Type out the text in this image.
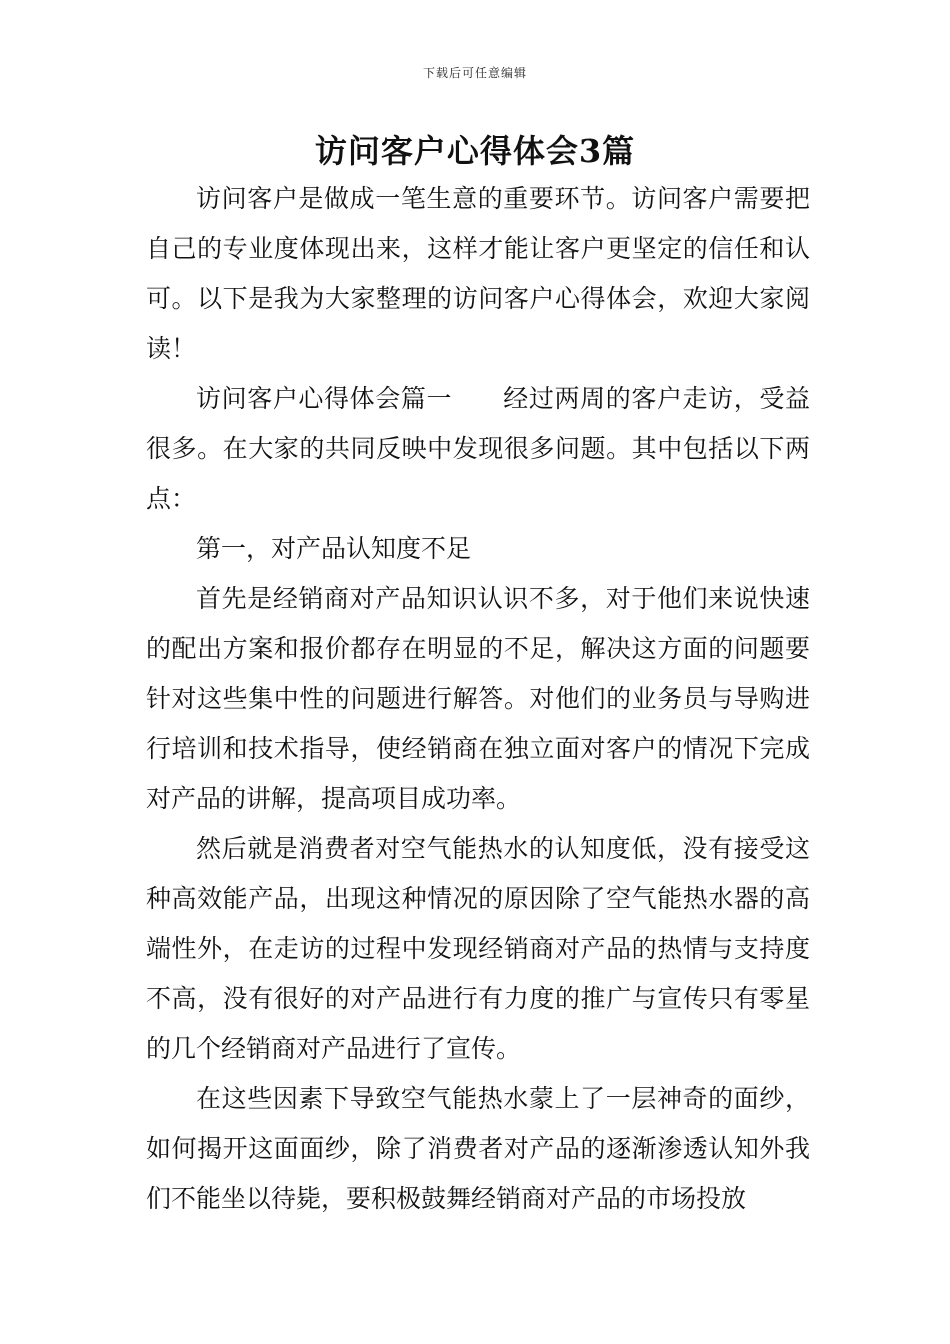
下载后可任意编辑
访问客户心得体会3篇

访问客户是做成一笔生意的重要环节。访问客户需要把自己的专业度体现出来，这样才能让客户更坚定的信任和认可。以下是我为大家整理的访问客户心得体会，欢迎大家阅读！

访问客户心得体会篇一　　经过两周的客户走访，受益很多。在大家的共同反映中发现很多问题。其中包括以下两点：

第一，对产品认知度不足

首先是经销商对产品知识认识不多，对于他们来说快速的配出方案和报价都存在明显的不足，解决这方面的问题要针对这些集中性的问题进行解答。对他们的业务员与导购进行培训和技术指导，使经销商在独立面对客户的情况下完成对产品的讲解，提高项目成功率。

然后就是消费者对空气能热水的认知度低，没有接受这种高效能产品，出现这种情况的原因除了空气能热水器的高端性外，在走访的过程中发现经销商对产品的热情与支持度不高，没有很好的对产品进行有力度的推广与宣传只有零星的几个经销商对产品进行了宣传。

在这些因素下导致空气能热水蒙上了一层神奇的面纱，如何揭开这面面纱，除了消费者对产品的逐渐渗透认知外我们不能坐以待毙，要积极鼓舞经销商对产品的市场投放
